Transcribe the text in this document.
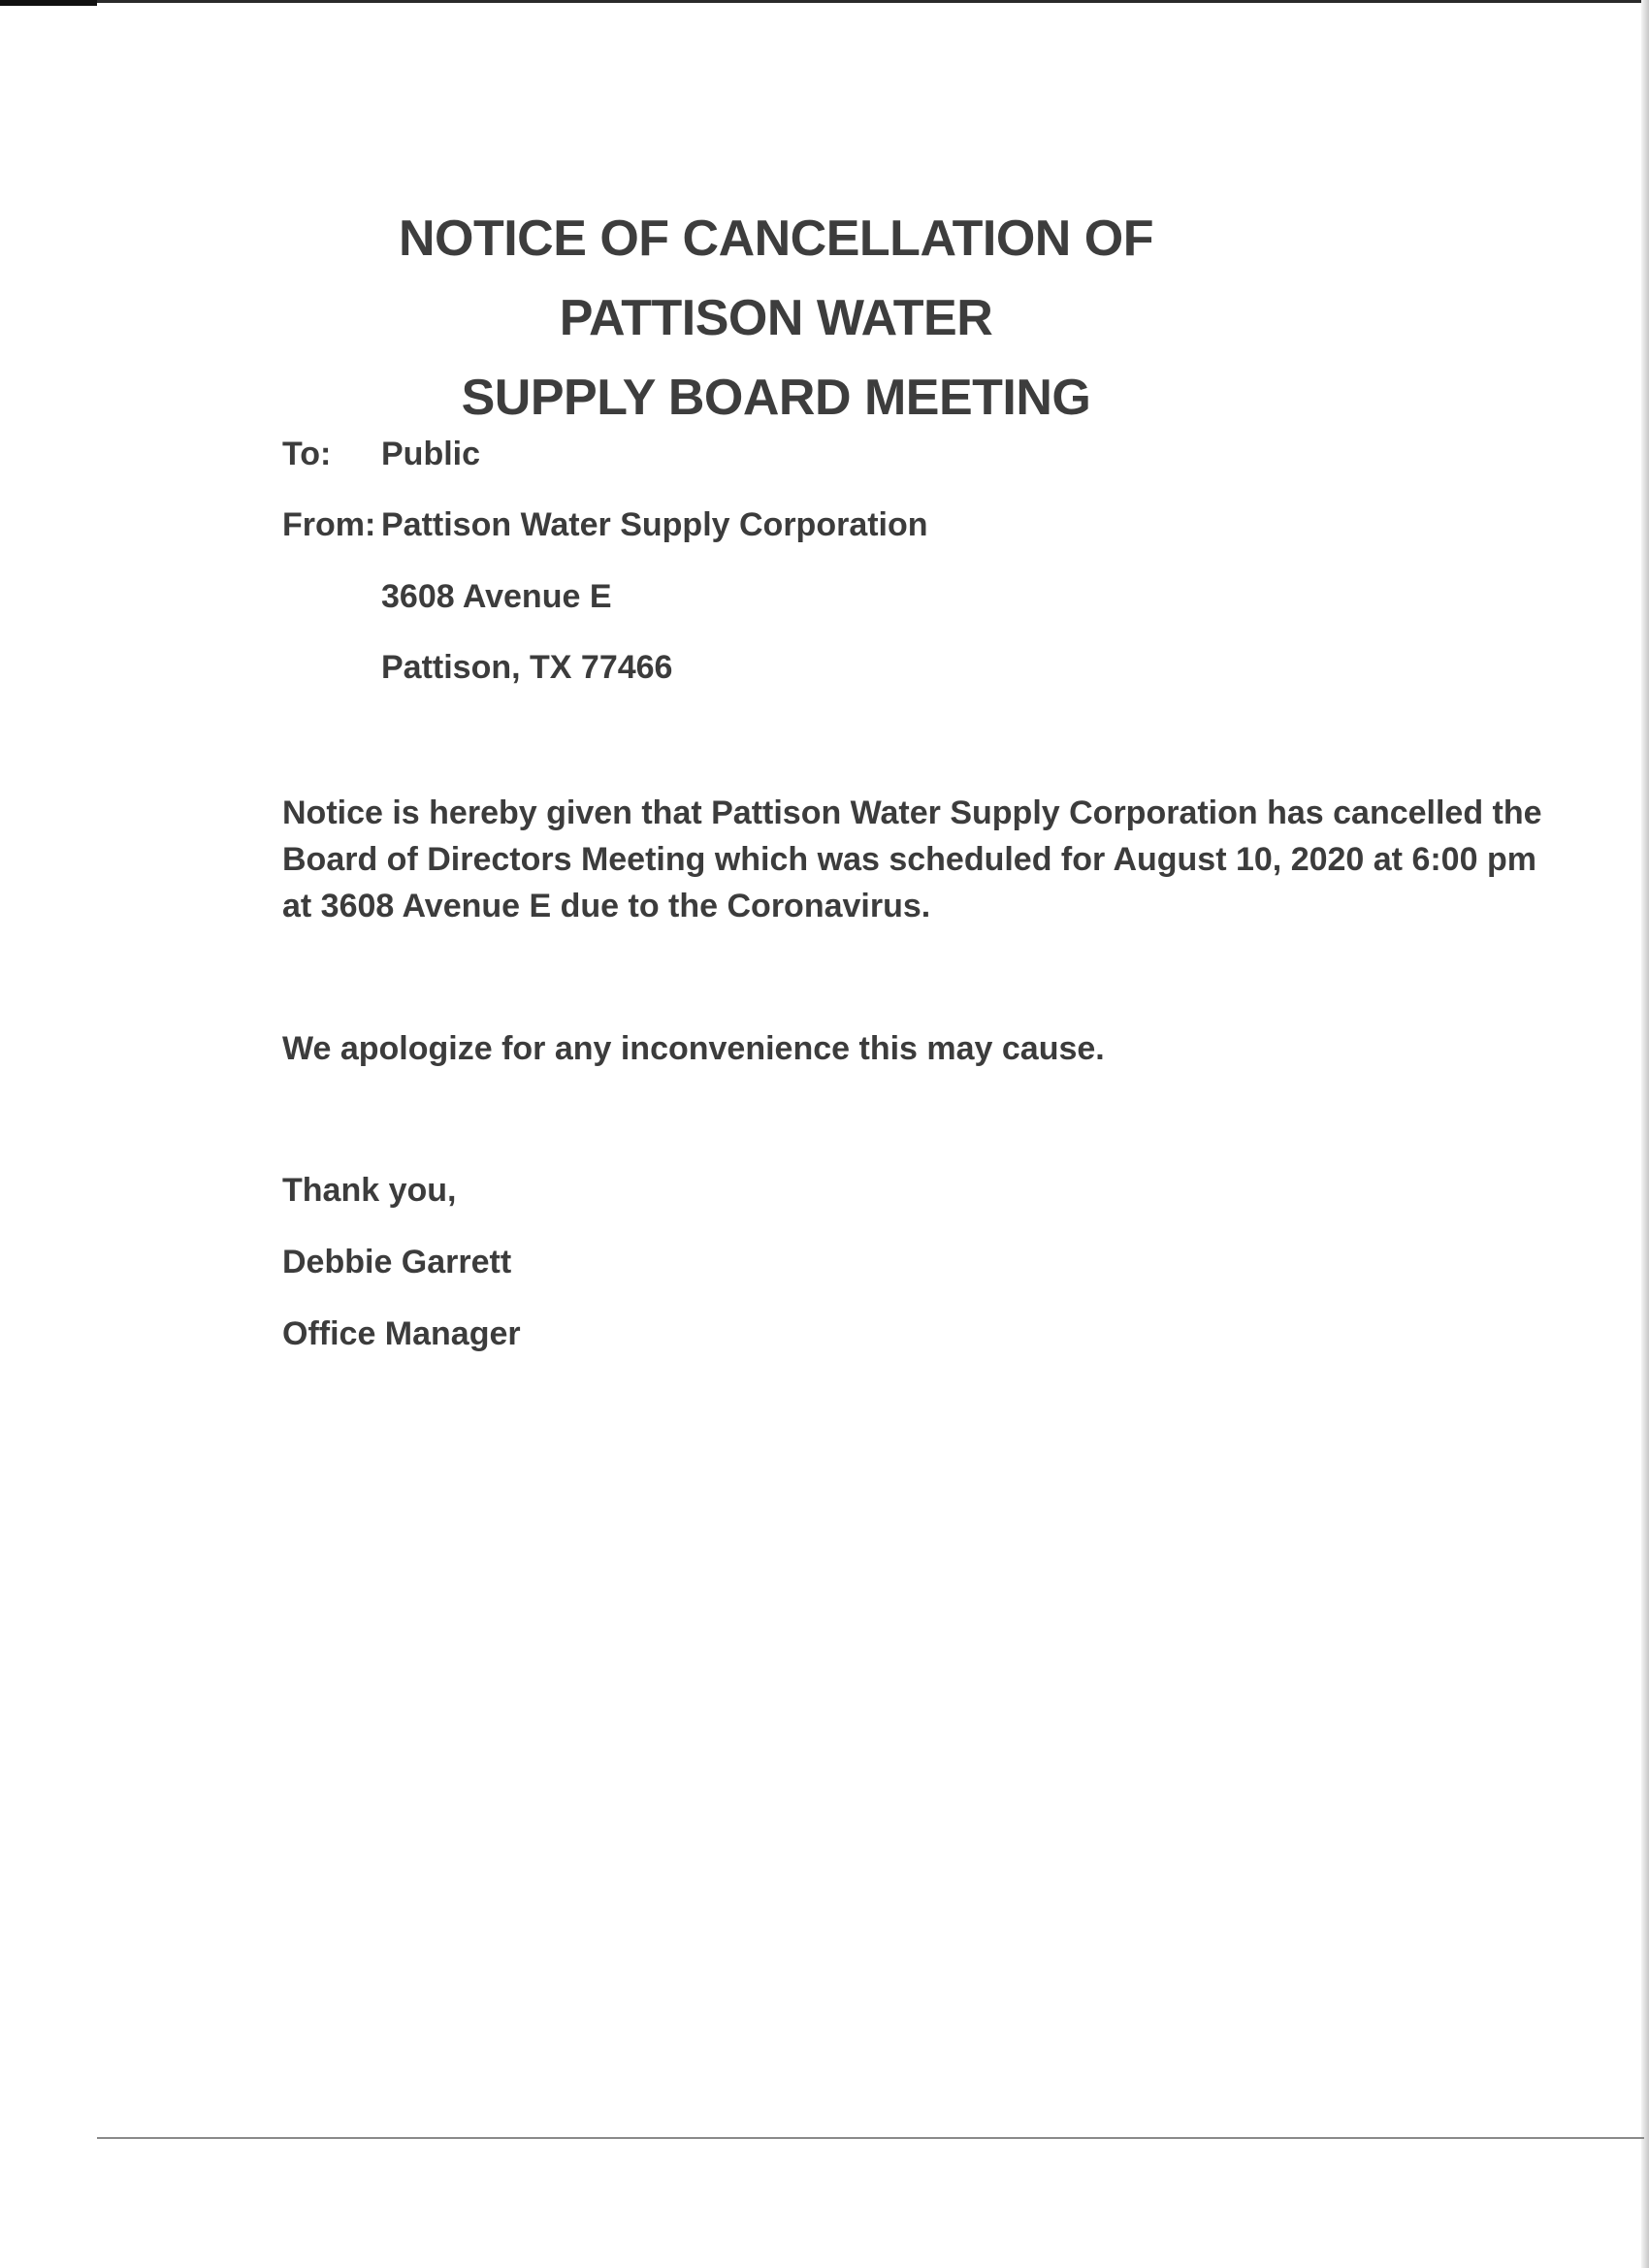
NOTICE OF CANCELLATION OF PATTISON WATER
SUPPLY BOARD MEETING
To: Public
From: Pattison Water Supply Corporation
3608 Avenue E
Pattison, TX 77466

Notice is hereby given that Pattison Water Supply Corporation has cancelled the
Board of Directors Meeting which was scheduled for August 10, 2020 at 6:00 pm
at 3608 Avenue E due to the Coronavirus.

We apologize for any inconvenience this may cause.

Thank you,
Debbie Garrett
Office Manager
